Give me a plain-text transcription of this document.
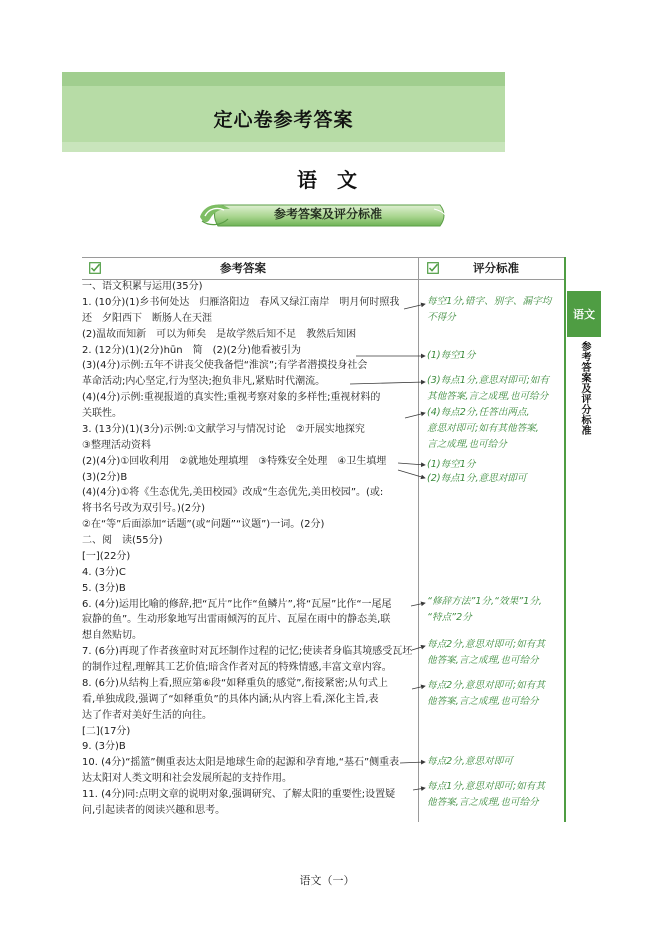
定心卷参考答案
语　文
参考答案及评分标准
参考答案	评分标准
一、语文积累与运用(35分)
1. (10分)(1)乡书何处达　归雁洛阳边　春风又绿江南岸　明月何时照我
还　夕阳西下　断肠人在天涯
(2)温故而知新　可以为师矣　是故学然后知不足　教然后知困
2. (12分)(1)(2分)hūn　简　(2)(2分)他看被引为
(3)(4分)示例:五年不讲丧父使我备恺“淮滨”;有学者潜摸投身社会
革命活动;内心坚定,行为坚决;抱负非凡,紧贴时代潮流。
(4)(4分)示例:重视报道的真实性;重视考察对象的多样性;重视材料的
关联性。
3. (13分)(1)(3分)示例:①文献学习与情况讨论　②开展实地探究
③整理活动资料
(2)(4分)①回收利用　②就地处理填埋　③特殊安全处理　④卫生填埋
(3)(2分)B
(4)(4分)①将《生态优先,美田校园》改成“生态优先,美田校园”。(或:
将书名号改为双引号。)(2分)
②在“等”后面添加“话题”(或“问题”“议题”)一词。(2分)
二、阅　读(55分)
[一](22分)
4. (3分)C
5. (3分)B
6. (4分)运用比喻的修辞,把“瓦片”比作“鱼鳞片”,将“瓦屋”比作“一尾尾
寂静的鱼”。生动形象地写出雷雨倾泻的瓦片、瓦屋在雨中的静态美,联
想自然贴切。
7. (6分)再现了作者孩童时对瓦坯制作过程的记忆;使读者身临其境感受瓦坯
的制作过程,理解其工艺价值;暗含作者对瓦的特殊情感,丰富文章内容。
8. (6分)从结构上看,照应第⑥段“如释重负的感觉”,衔接紧密;从句式上
看,单独成段,强调了“如释重负”的具体内涵;从内容上看,深化主旨,表
达了作者对美好生活的向往。
[二](17分)
9. (3分)B
10. (4分)“摇篮”侧重表达太阳是地球生命的起源和孕育地,“基石”侧重表
达太阳对人类文明和社会发展所起的支持作用。
11. (4分)同:点明文章的说明对象,强调研究、了解太阳的重要性;设置疑
问,引起读者的阅读兴趣和思考。
每空1分,错字、别字、漏字均
不得分
(1)每空1分
(3)每点1分,意思对即可;如有
其他答案,言之成理,也可给分
(4)每点2分,任答出两点,
意思对即可;如有其他答案,
言之成理,也可给分
(1)每空1分
(2)每点1分,意思对即可
“修辞方法”1分,“效果”1分,
“特点”2分
每点2分,意思对即可;如有其
他答案,言之成理,也可给分
每点2分,意思对即可;如有其
他答案,言之成理,也可给分
每点2分,意思对即可
每点1分,意思对即可;如有其
他答案,言之成理,也可给分
语文
参考答案及评分标准
语文（一）
